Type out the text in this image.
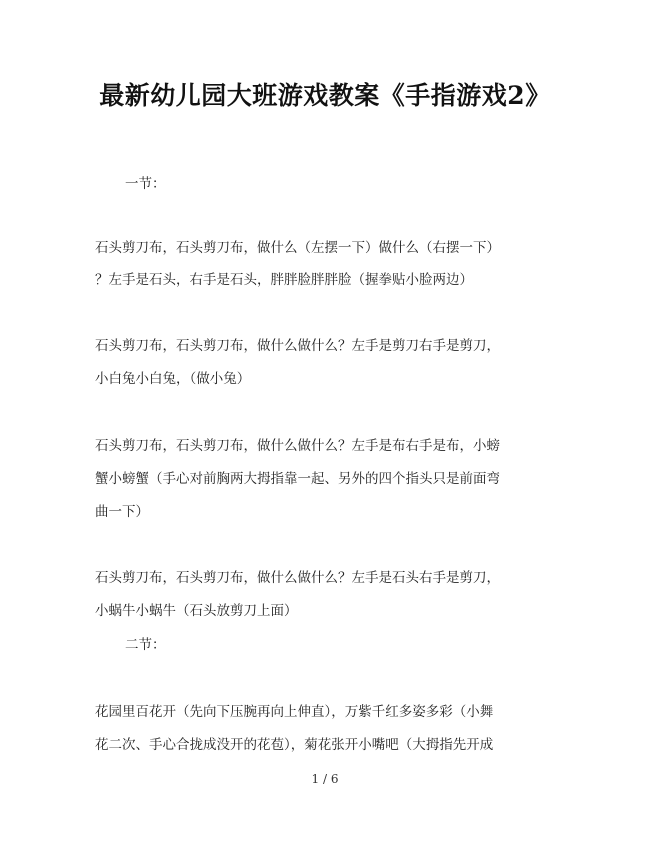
最新幼儿园大班游戏教案《手指游戏2》
一节：
石头剪刀布，石头剪刀布，做什么（左摆一下）做什么（右摆一下）
？左手是石头，右手是石头，胖胖脸胖胖脸（握拳贴小脸两边）
石头剪刀布，石头剪刀布，做什么做什么？左手是剪刀右手是剪刀，
小白兔小白兔，（做小兔）
石头剪刀布，石头剪刀布，做什么做什么？左手是布右手是布，小螃
蟹小螃蟹（手心对前胸两大拇指靠一起、另外的四个指头只是前面弯
曲一下）
石头剪刀布，石头剪刀布，做什么做什么？左手是石头右手是剪刀，
小蜗牛小蜗牛（石头放剪刀上面）
二节：
花园里百花开（先向下压腕再向上伸直），万紫千红多姿多彩（小舞
花二次、手心合拢成没开的花苞），菊花张开小嘴吧（大拇指先开成
1 / 6
